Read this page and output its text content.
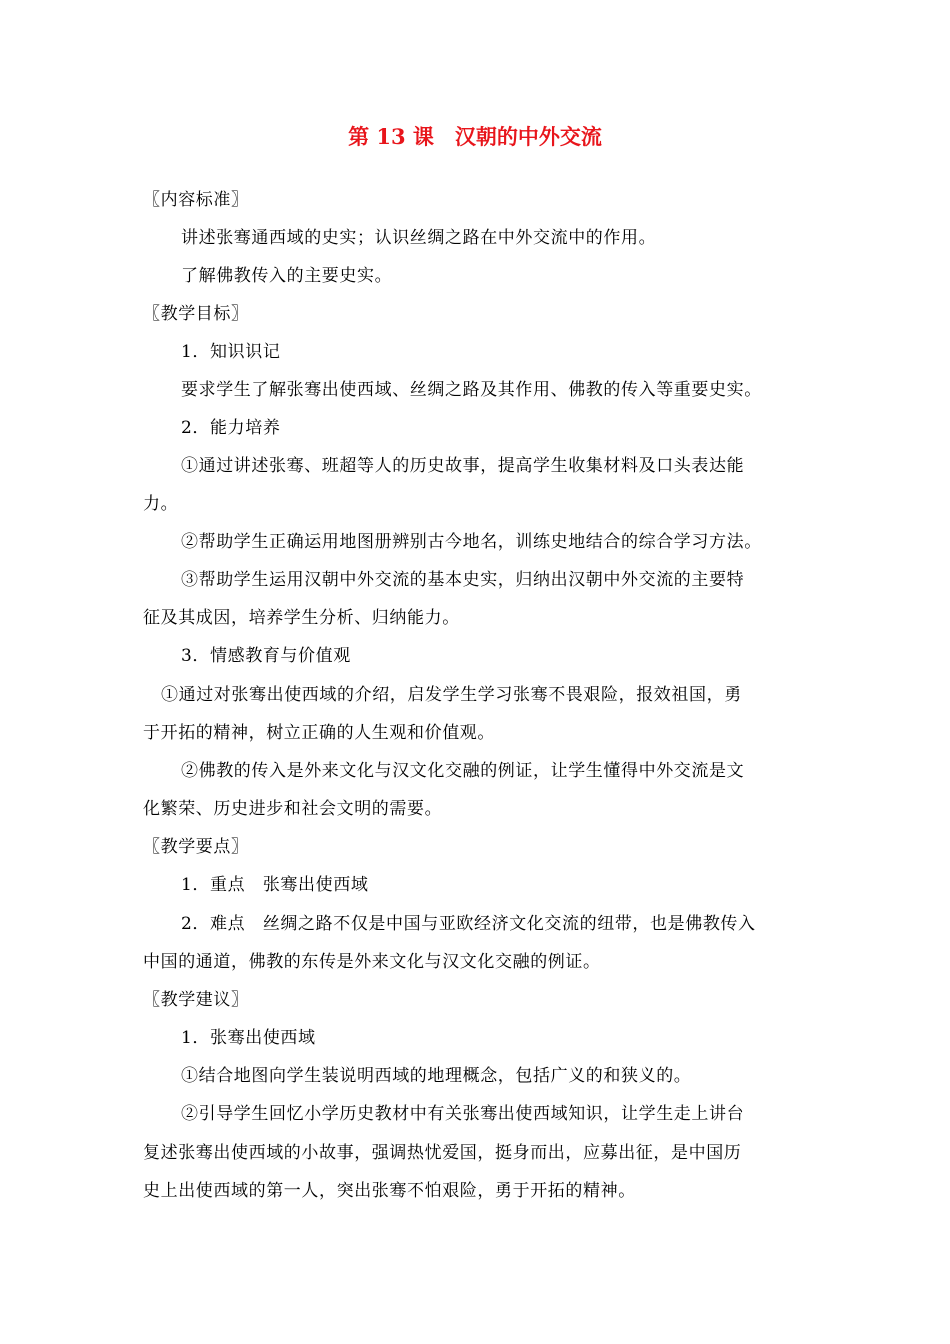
第 13 课　汉朝的中外交流
〖内容标准〗
讲述张骞通西域的史实；认识丝绸之路在中外交流中的作用。
了解佛教传入的主要史实。
〖教学目标〗
1．知识识记
要求学生了解张骞出使西域、丝绸之路及其作用、佛教的传入等重要史实。
2．能力培养
①通过讲述张骞、班超等人的历史故事，提高学生收集材料及口头表达能
力。
②帮助学生正确运用地图册辨别古今地名，训练史地结合的综合学习方法。
③帮助学生运用汉朝中外交流的基本史实，归纳出汉朝中外交流的主要特
征及其成因，培养学生分析、归纳能力。
3．情感教育与价值观
①通过对张骞出使西域的介绍，启发学生学习张骞不畏艰险，报效祖国，勇
于开拓的精神，树立正确的人生观和价值观。
②佛教的传入是外来文化与汉文化交融的例证，让学生懂得中外交流是文
化繁荣、历史进步和社会文明的需要。
〖教学要点〗
1．重点　张骞出使西域
2．难点　丝绸之路不仅是中国与亚欧经济文化交流的纽带，也是佛教传入
中国的通道，佛教的东传是外来文化与汉文化交融的例证。
〖教学建议〗
1．张骞出使西域
①结合地图向学生装说明西域的地理概念，包括广义的和狭义的。
②引导学生回忆小学历史教材中有关张骞出使西域知识，让学生走上讲台
复述张骞出使西域的小故事，强调热忧爱国，挺身而出，应募出征，是中国历
史上出使西域的第一人，突出张骞不怕艰险，勇于开拓的精神。
